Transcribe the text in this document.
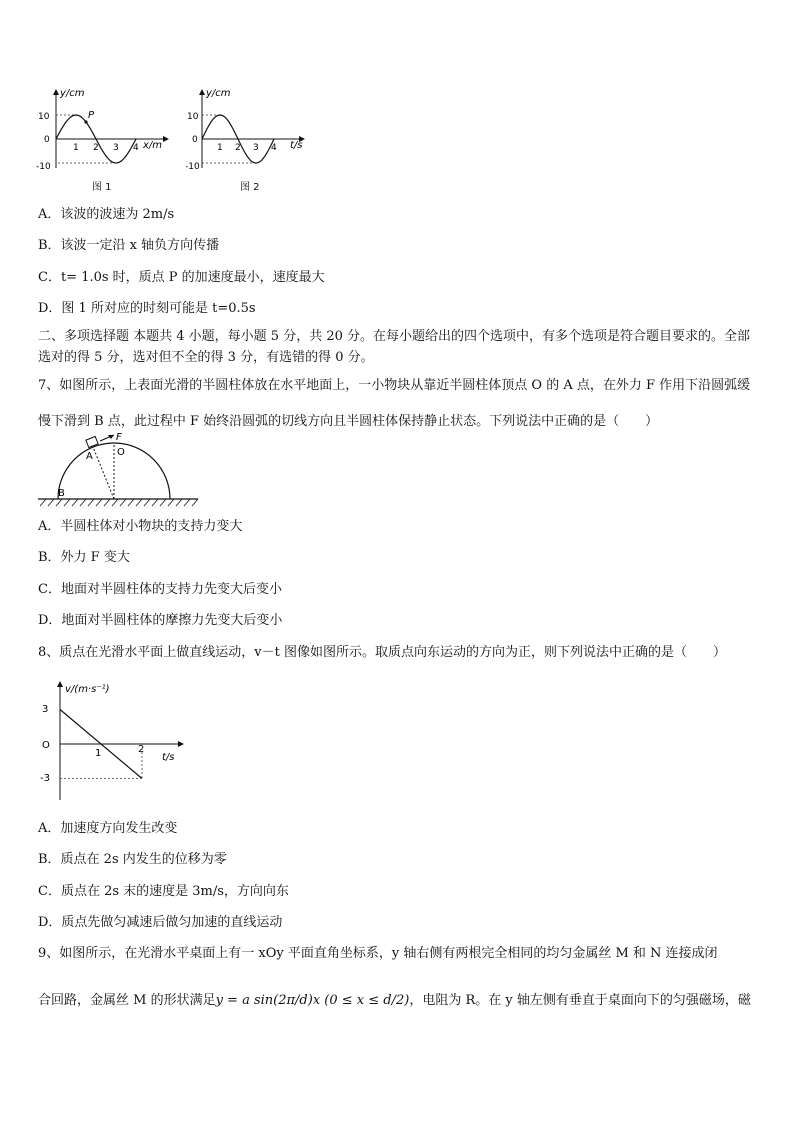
y/cm
x/m
10
0
-10
1 2 3 4
P
图 1
y/cm
t/s
10
0
-10
1 2 3 4
图 2
A．该波的波速为 2m/s
B．该波一定沿 x 轴负方向传播
C．t= 1.0s 时，质点 P 的加速度最小，速度最大
D．图 1 所对应的时刻可能是 t=0.5s
二、多项选择题 本题共 4 小题，每小题 5 分，共 20 分。在每小题给出的四个选项中，有多个选项是符合题目要求的。全部选对的得 5 分，选对但不全的得 3 分，有选错的得 0 分。
7、如图所示，上表面光滑的半圆柱体放在水平地面上，一小物块从靠近半圆柱体顶点 O 的 A 点，在外力 F 作用下沿圆弧缓慢下滑到 B 点，此过程中 F 始终沿圆弧的切线方向且半圆柱体保持静止状态。下列说法中正确的是（　　）
F
A O
B
A．半圆柱体对小物块的支持力变大
B．外力 F 变大
C．地面对半圆柱体的支持力先变大后变小
D．地面对半圆柱体的摩擦力先变大后变小
8、质点在光滑水平面上做直线运动，v－t 图像如图所示。取质点向东运动的方向为正，则下列说法中正确的是（　　）
v/(m·s⁻¹)
t/s
3
O
-3
1	2
A．加速度方向发生改变
B．质点在 2s 内发生的位移为零
C．质点在 2s 末的速度是 3m/s，方向向东
D．质点先做匀减速后做匀加速的直线运动
9、如图所示，在光滑水平桌面上有一 xOy 平面直角坐标系，y 轴右侧有两根完全相同的均匀金属丝 M 和 N 连接成闭
合回路，金属丝 M 的形状满足y = a sin(2π/d)x (0 ≤ x ≤ d/2)，电阻为 R。在 y 轴左侧有垂直于桌面向下的匀强磁场，磁
